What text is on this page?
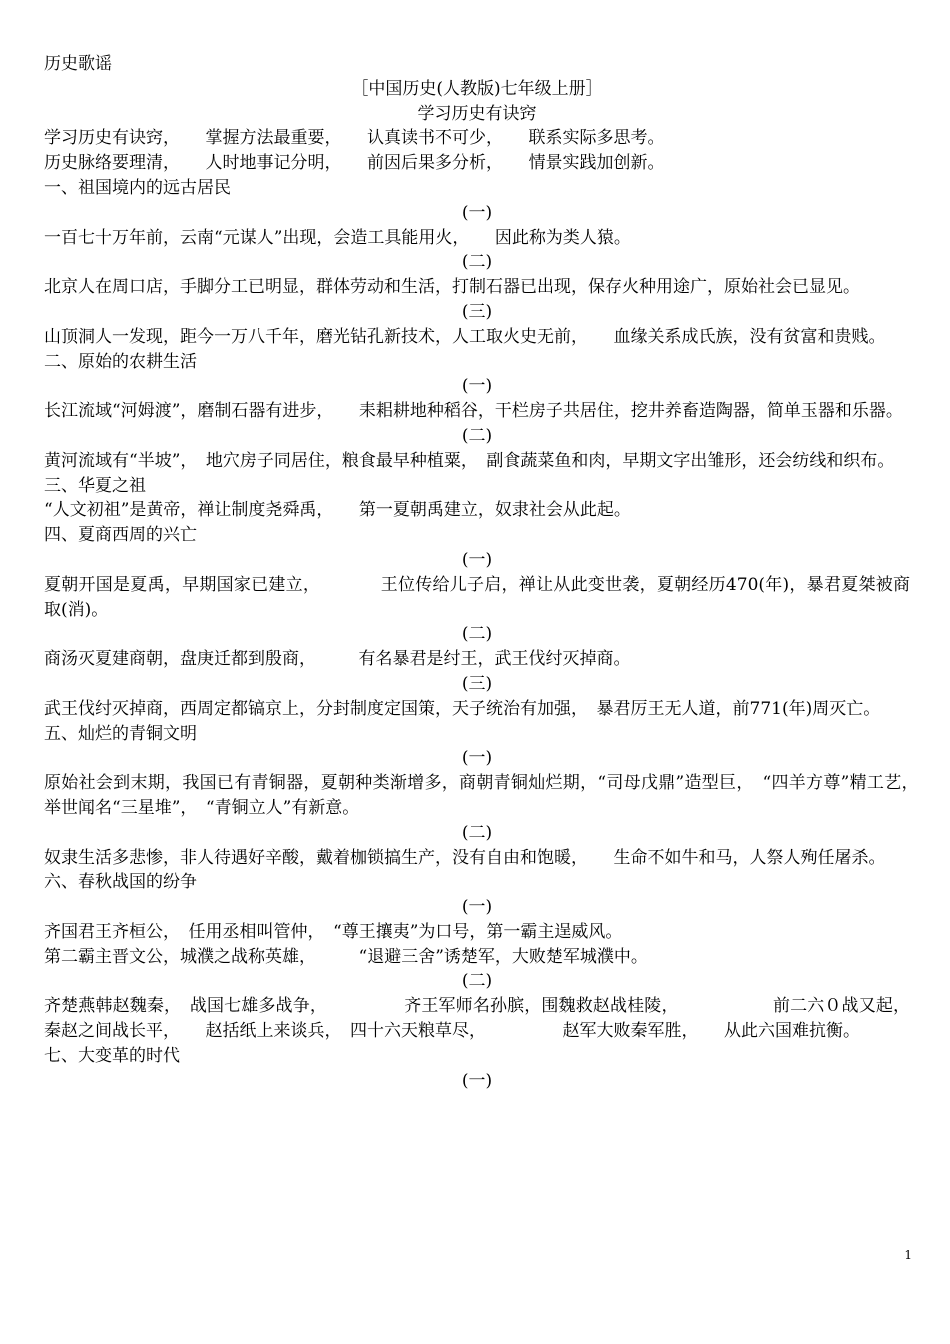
历史歌谣
［中国历史(人教版)七年级上册］
学习历史有诀窍
学习历史有诀窍，　　掌握方法最重要，　　认真读书不可少，　　联系实际多思考。
历史脉络要理清，　　人时地事记分明，　　前因后果多分析，　　情景实践加创新。
一、祖国境内的远古居民
(一)
一百七十万年前，云南“元谋人”出现，会造工具能用火，　　因此称为类人猿。
(二)
北京人在周口店，手脚分工已明显，群体劳动和生活，打制石器已出现，保存火种用途广，原始社会已显见。
(三)
山顶洞人一发现，距今一万八千年，磨光钻孔新技术，人工取火史无前，　　血缘关系成氏族，没有贫富和贵贱。
二、原始的农耕生活
(一)
长江流域“河姆渡”，磨制石器有进步，　　耒耜耕地种稻谷，干栏房子共居住，挖井养畜造陶器，简单玉器和乐器。
(二)
黄河流域有“半坡”，　地穴房子同居住，粮食最早种植粟，　副食蔬菜鱼和肉，早期文字出雏形，还会纺线和织布。
三、华夏之祖
“人文初祖”是黄帝，禅让制度尧舜禹，　　第一夏朝禹建立，奴隶社会从此起。
四、夏商西周的兴亡
(一)
夏朝开国是夏禹，早期国家已建立，　　　　王位传给儿子启，禅让从此变世袭，夏朝经历470(年)，暴君夏桀被商取(消)。
(二)
商汤灭夏建商朝，盘庚迁都到殷商，　　　有名暴君是纣王，武王伐纣灭掉商。
(三)
武王伐纣灭掉商，西周定都镐京上，分封制度定国策，天子统治有加强，　暴君厉王无人道，前771(年)周灭亡。
五、灿烂的青铜文明
(一)
原始社会到末期，我国已有青铜器，夏朝种类渐增多，商朝青铜灿烂期，“司母戊鼎”造型巨，　“四羊方尊”精工艺，　　举世闻名“三星堆”，　“青铜立人”有新意。
(二)
奴隶生活多悲惨，非人待遇好辛酸，戴着枷锁搞生产，没有自由和饱暖，　　生命不如牛和马，人祭人殉任屠杀。
六、春秋战国的纷争
(一)
齐国君王齐桓公，　任用丞相叫管仲，　“尊王攘夷”为口号，第一霸主逞威风。
第二霸主晋文公，城濮之战称英雄，　　　“退避三舍”诱楚军，大败楚军城濮中。
(二)
齐楚燕韩赵魏秦，　战国七雄多战争，　　　　　齐王军师名孙膑，围魏救赵战桂陵，　　　　　　前二六０战又起，秦赵之间战长平，　　赵括纸上来谈兵，　四十六天粮草尽，　　　　　赵军大败秦军胜，　　从此六国难抗衡。
七、大变革的时代
(一)
1
